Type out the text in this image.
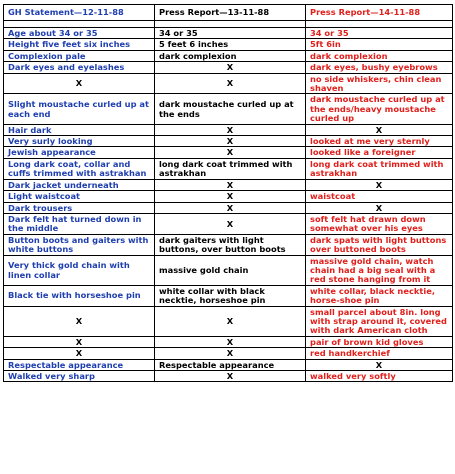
GH Statement—12-11-88	Press Report—13-11-88	Press Report—14-11-88

Age about 34 or 35	34 or 35	34 or 35
Height five feet six inches	5 feet 6 inches	5ft 6in
Complexion pale	dark complexion	dark complexion
Dark eyes and eyelashes	X	dark eyes, bushy eyebrows
X	X	no side whiskers, chin clean shaven
Slight moustache curled up at each end	dark moustache curled up at the ends	dark moustache curled up at the ends/heavy moustache curled up
Hair dark	X	X
Very surly looking	X	looked at me very sternly
Jewish appearance	X	looked like a foreigner
Long dark coat, collar and cuffs trimmed with astrakhan	long dark coat trimmed with astrakhan	long dark coat trimmed with astrakhan
Dark jacket underneath	X	X
Light waistcoat	X	waistcoat
Dark trousers	X	X
Dark felt hat turned down in the middle	X	soft felt hat drawn down somewhat over his eyes
Button boots and gaiters with white buttons	dark gaiters with light buttons, over button boots	dark spats with light buttons over buttoned boots
Very thick gold chain with linen collar	massive gold chain	massive gold chain, watch chain had a big seal with a red stone hanging from it
Black tie with horseshoe pin	white collar with black necktie, horseshoe pin	white collar, black necktie, horse-shoe pin
X	X	small parcel about 8in. long with strap around it, covered with dark American cloth
X	X	pair of brown kid gloves
X	X	red handkerchief
Respectable appearance	Respectable appearance	X
Walked very sharp	X	walked very softly
